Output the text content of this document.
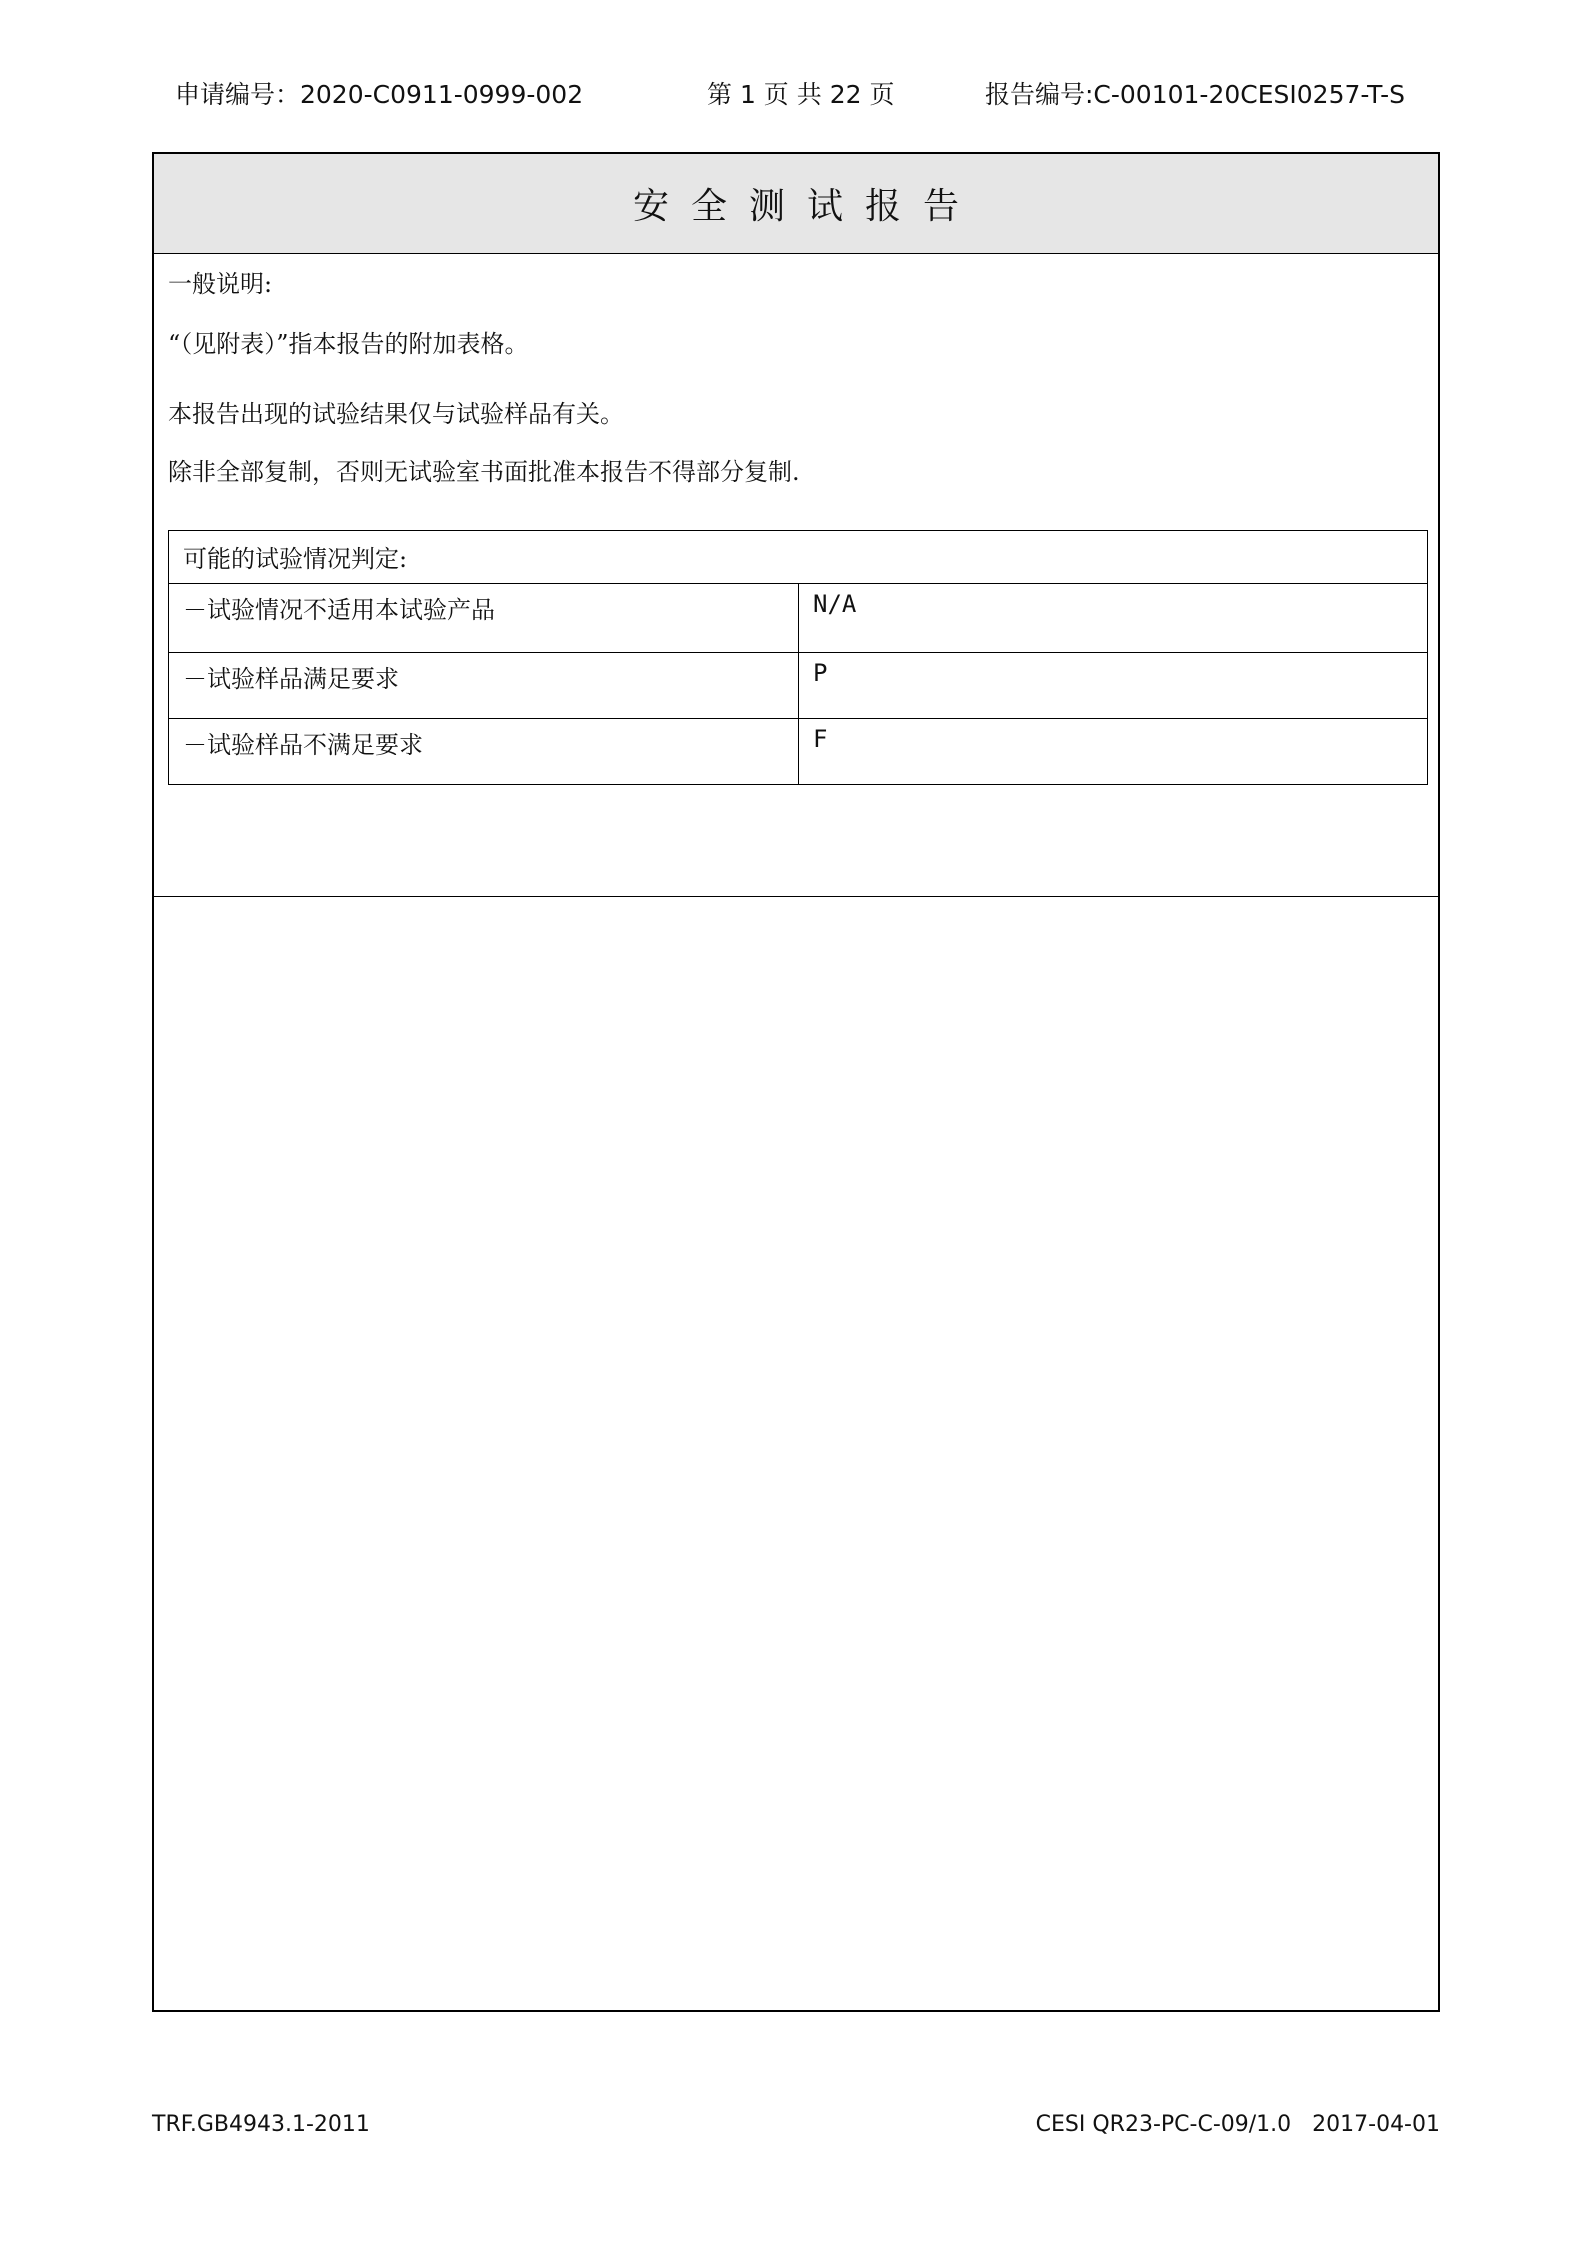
申请编号：2020-C0911-0999-002	第 1 页 共 22 页	报告编号:C-00101-20CESI0257-T-S
安全测试报告
一般说明:
“（见附表）”指本报告的附加表格。
本报告出现的试验结果仅与试验样品有关。
除非全部复制，否则无试验室书面批准本报告不得部分复制.
可能的试验情况判定:	
－试验情况不适用本试验产品	N/A
－试验样品满足要求	P
－试验样品不满足要求	F
TRF.GB4943.1-2011	CESI QR23-PC-C-09/1.0   2017-04-01
